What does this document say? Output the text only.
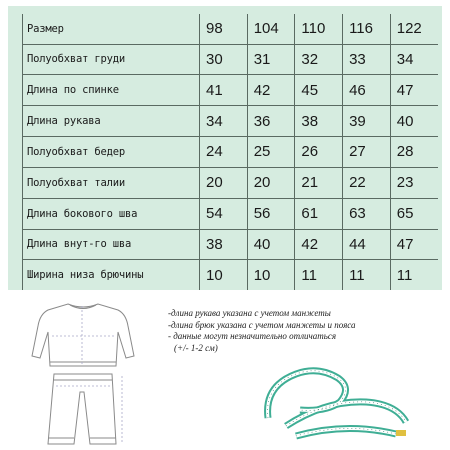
Размер	98	104	110	116	122
Полуобхват груди	30	31	32	33	34
Длина по спинке	41	42	45	46	47
Длина рукава	34	36	38	39	40
Полуобхват бедер	24	25	26	27	28
Полуобхват талии	20	20	21	22	23
Длина бокового шва	54	56	61	63	65
Длина внут-го шва	38	40	42	44	47
Ширина низа брючины	10	10	11	11	11
-длина рукава указана с учетом манжеты
-длина брюк указана с учетом манжеты и пояса
- данные могут незначительно отличаться
(+/- 1-2 см)
